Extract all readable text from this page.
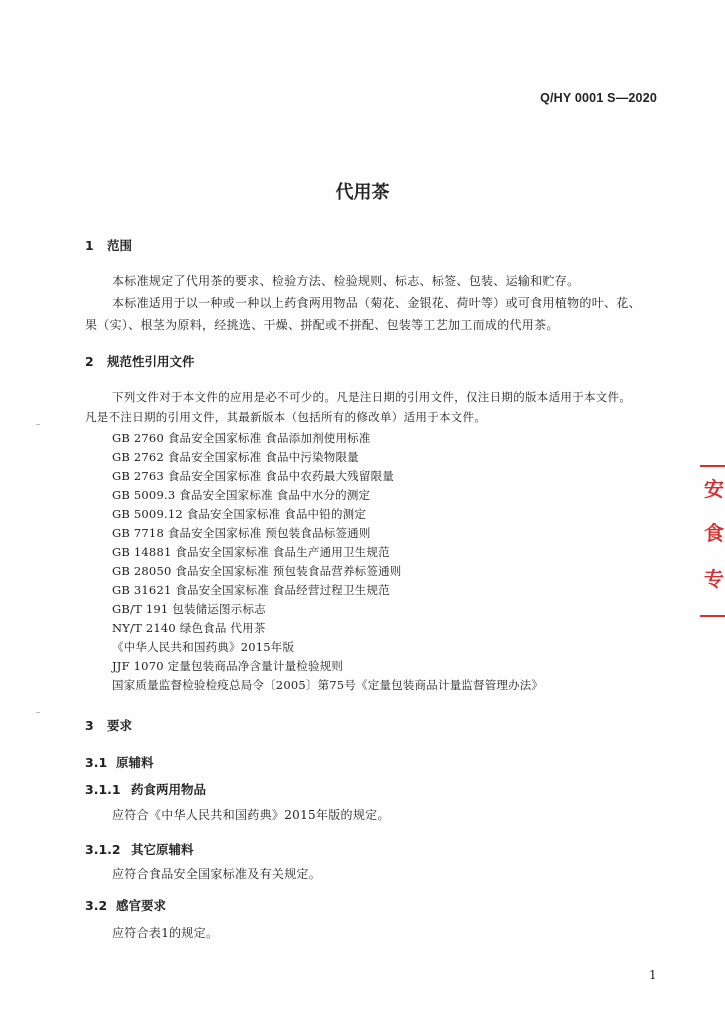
Q/HY 0001 S—2020
代用茶
1 范围
本标准规定了代用茶的要求、检验方法、检验规则、标志、标签、包装、运输和贮存。
本标准适用于以一种或一种以上药食两用物品（菊花、金银花、荷叶等）或可食用植物的叶、花、
果（实）、根茎为原料，经挑选、干燥、拼配或不拼配、包装等工艺加工而成的代用茶。
2 规范性引用文件
下列文件对于本文件的应用是必不可少的。凡是注日期的引用文件，仅注日期的版本适用于本文件。
凡是不注日期的引用文件，其最新版本（包括所有的修改单）适用于本文件。
GB 2760 食品安全国家标准 食品添加剂使用标准
GB 2762 食品安全国家标准 食品中污染物限量
GB 2763 食品安全国家标准 食品中农药最大残留限量
GB 5009.3 食品安全国家标准 食品中水分的测定
GB 5009.12 食品安全国家标准 食品中铅的测定
GB 7718 食品安全国家标准 预包装食品标签通则
GB 14881 食品安全国家标准 食品生产通用卫生规范
GB 28050 食品安全国家标准 预包装食品营养标签通则
GB 31621 食品安全国家标准 食品经营过程卫生规范
GB/T 191 包装储运图示标志
NY/T 2140 绿色食品 代用茶
《中华人民共和国药典》2015年版
JJF 1070 定量包装商品净含量计量检验规则
国家质量监督检验检疫总局令〔2005〕第75号《定量包装商品计量监督管理办法》
3 要求
3.1 原辅料
3.1.1 药食两用物品
应符合《中华人民共和国药典》2015年版的规定。
3.1.2 其它原辅料
应符合食品安全国家标准及有关规定。
3.2 感官要求
应符合表1的规定。
1
安
食
专
